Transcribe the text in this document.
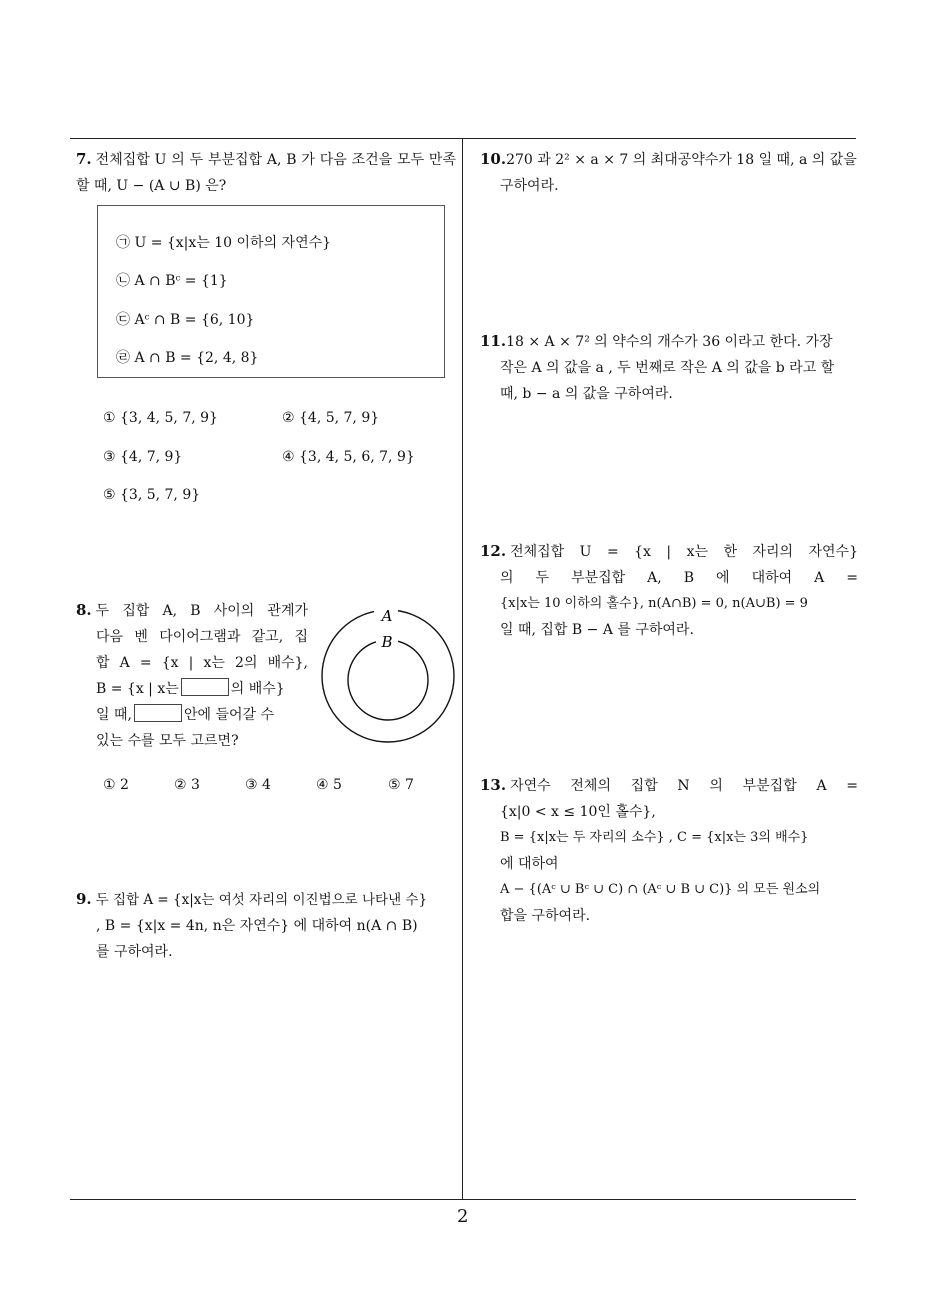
7. 전체집합 U 의 두 부분집합 A, B 가 다음 조건을 모두 만족할 때, U − (A ∪ B) 은?
㉠ U = {x|x는 10 이하의 자연수}
㉡ A ∩ Bᶜ = {1}
㉢ Aᶜ ∩ B = {6, 10}
㉣ A ∩ B = {2, 4, 8}
① {3, 4, 5, 7, 9}	② {4, 5, 7, 9}
③ {4, 7, 9}	④ {3, 4, 5, 6, 7, 9}
⑤ {3, 5, 7, 9}
8. 두 집합 A, B 사이의 관계가
다음 벤 다이어그램과 같고, 집
합 A = {x | x는 2의 배수},
B = {x | x는	의 배수}
일 때,	안에 들어갈 수
있는 수를 모두 고르면?
A
B
① 2	② 3	③ 4	④ 5	⑤ 7
9. 두 집합 A = {x|x는 여섯 자리의 이진법으로 나타낸 수}
, B = {x|x = 4n, n은 자연수} 에 대하여 n(A ∩ B)
를 구하여라.
10.270 과 2² × a × 7 의 최대공약수가 18 일 때, a 의 값을
구하여라.
11.18 × A × 7² 의 약수의 개수가 36 이라고 한다. 가장
작은 A 의 값을 a , 두 번째로 작은 A 의 값을 b 라고 할
때, b − a 의 값을 구하여라.
12. 전체집합 U = {x | x는 한 자리의 자연수}
의 두 부분집합 A, B 에 대하여 A =
{x|x는 10 이하의 홀수}, n(A∩B) = 0, n(A∪B) = 9
일 때, 집합 B − A 를 구하여라.
13. 자연수 전체의 집합 N 의 부분집합 A =
{x|0 < x ≤ 10인 홀수},
B = {x|x는 두 자리의 소수} , C = {x|x는 3의 배수}
에 대하여
A − {(Aᶜ ∪ Bᶜ ∪ C) ∩ (Aᶜ ∪ B ∪ C)} 의 모든 원소의
합을 구하여라.
2
